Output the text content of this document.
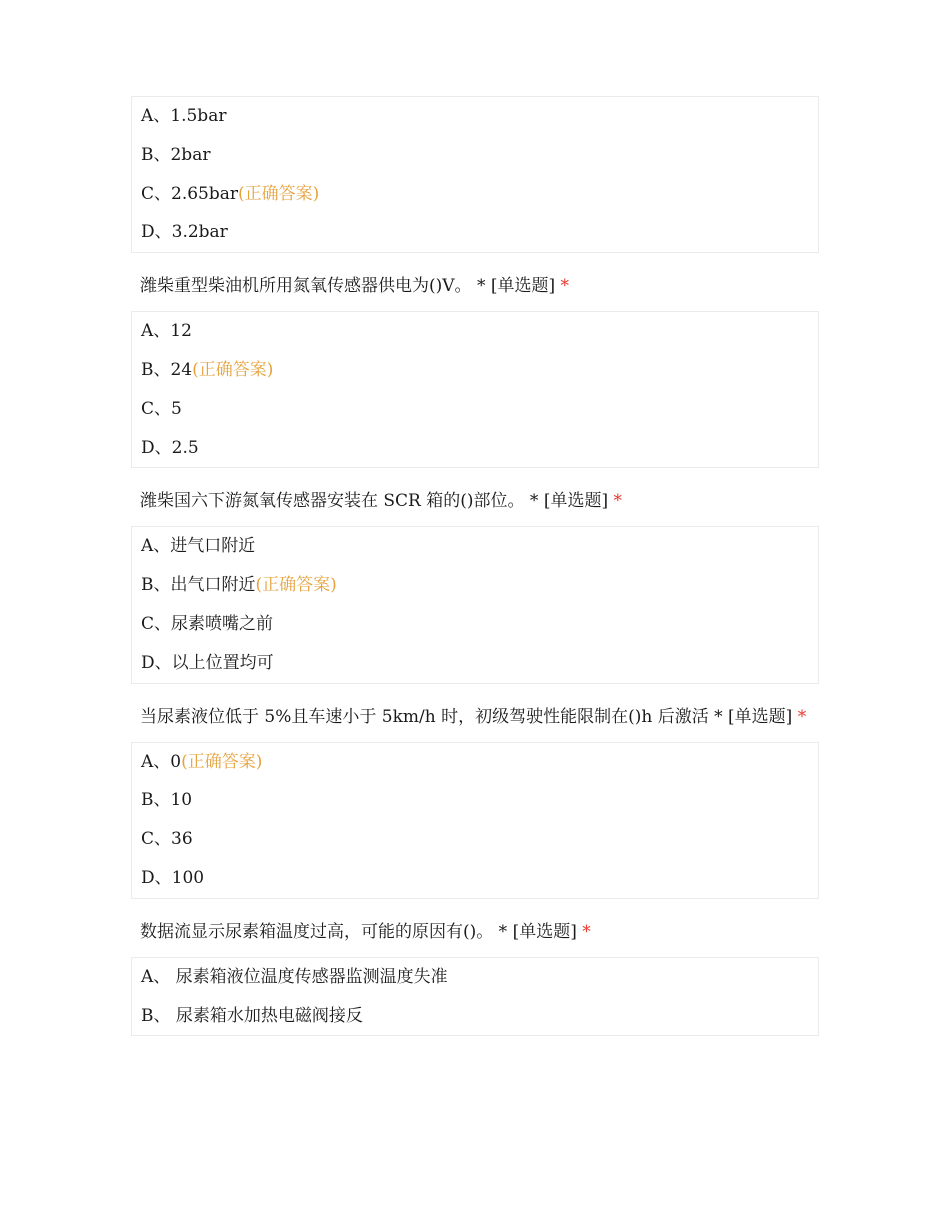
A、1.5bar
B、2bar
C、2.65bar(正确答案)
D、3.2bar
潍柴重型柴油机所用氮氧传感器供电为()V。 * [单选题] *
A、12
B、24(正确答案)
C、5
D、2.5
潍柴国六下游氮氧传感器安装在 SCR 箱的()部位。 * [单选题] *
A、进气口附近
B、出气口附近(正确答案)
C、尿素喷嘴之前
D、以上位置均可
当尿素液位低于 5%且车速小于 5km/h 时，初级驾驶性能限制在()h 后激活 * [单选题] *
A、0(正确答案)
B、10
C、36
D、100
数据流显示尿素箱温度过高，可能的原因有()。 * [单选题] *
A、 尿素箱液位温度传感器监测温度失准
B、 尿素箱水加热电磁阀接反
